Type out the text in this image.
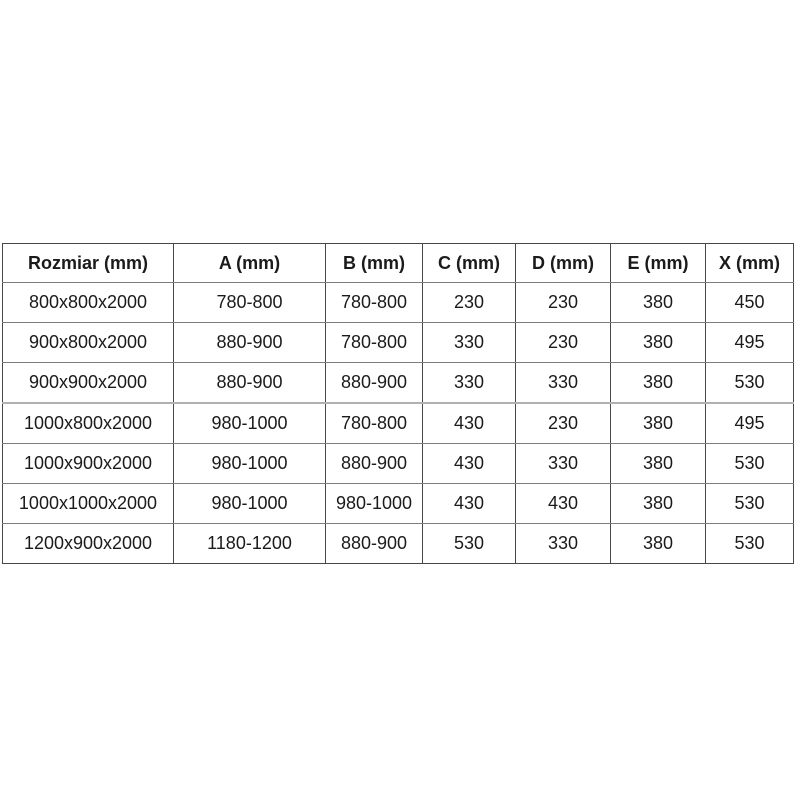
Rozmiar (mm)	A (mm)	B (mm)	C (mm)	D (mm)	E (mm)	X (mm)
800x800x2000	780-800	780-800	230	230	380	450
900x800x2000	880-900	780-800	330	230	380	495
900x900x2000	880-900	880-900	330	330	380	530
1000x800x2000	980-1000	780-800	430	230	380	495
1000x900x2000	980-1000	880-900	430	330	380	530
1000x1000x2000	980-1000	980-1000	430	430	380	530
1200x900x2000	1180-1200	880-900	530	330	380	530
